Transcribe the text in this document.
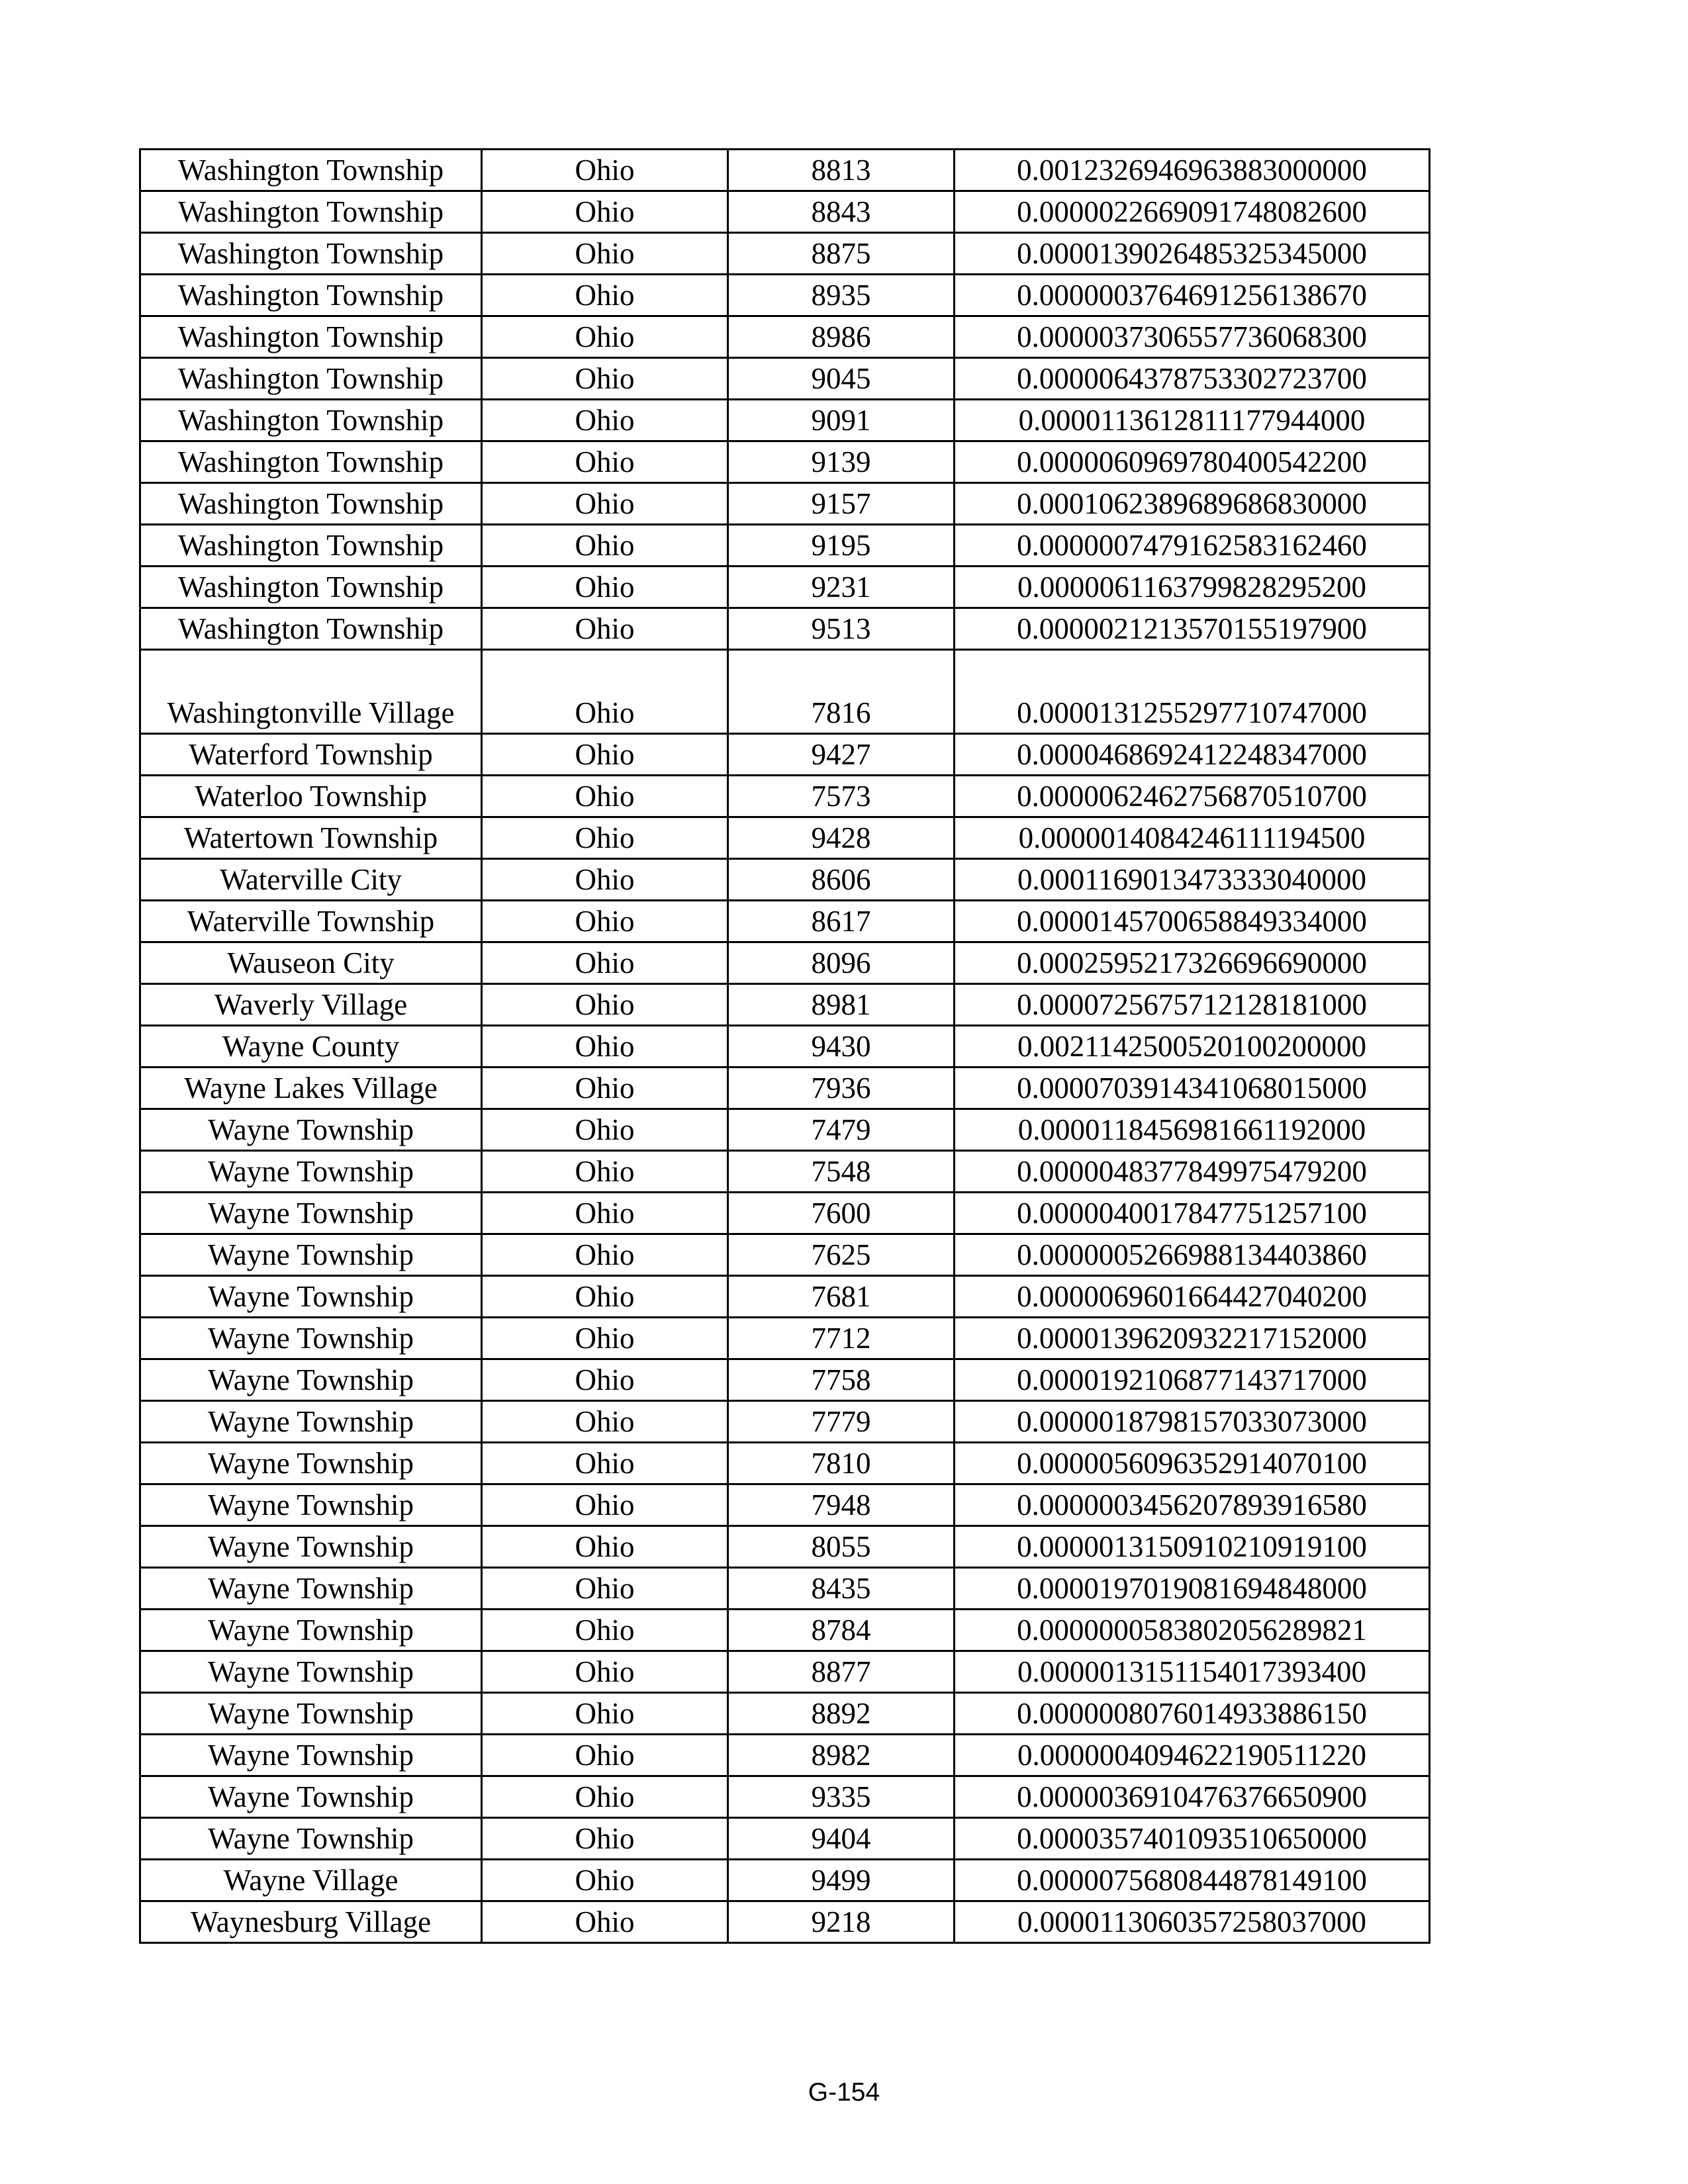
Washington Township	Ohio	8813	0.0012326946963883000000
Washington Township	Ohio	8843	0.0000022669091748082600
Washington Township	Ohio	8875	0.0000139026485325345000
Washington Township	Ohio	8935	0.0000003764691256138670
Washington Township	Ohio	8986	0.0000037306557736068300
Washington Township	Ohio	9045	0.0000064378753302723700
Washington Township	Ohio	9091	0.0000113612811177944000
Washington Township	Ohio	9139	0.0000060969780400542200
Washington Township	Ohio	9157	0.0001062389689686830000
Washington Township	Ohio	9195	0.0000007479162583162460
Washington Township	Ohio	9231	0.0000061163799828295200
Washington Township	Ohio	9513	0.0000021213570155197900
Washingtonville Village	Ohio	7816	0.0000131255297710747000
Waterford Township	Ohio	9427	0.0000468692412248347000
Waterloo Township	Ohio	7573	0.0000062462756870510700
Watertown Township	Ohio	9428	0.0000014084246111194500
Waterville City	Ohio	8606	0.0001169013473333040000
Waterville Township	Ohio	8617	0.0000145700658849334000
Wauseon City	Ohio	8096	0.0002595217326696690000
Waverly Village	Ohio	8981	0.0000725675712128181000
Wayne County	Ohio	9430	0.0021142500520100200000
Wayne Lakes Village	Ohio	7936	0.0000703914341068015000
Wayne Township	Ohio	7479	0.0000118456981661192000
Wayne Township	Ohio	7548	0.0000048377849975479200
Wayne Township	Ohio	7600	0.0000040017847751257100
Wayne Township	Ohio	7625	0.0000005266988134403860
Wayne Township	Ohio	7681	0.0000069601664427040200
Wayne Township	Ohio	7712	0.0000139620932217152000
Wayne Township	Ohio	7758	0.0000192106877143717000
Wayne Township	Ohio	7779	0.0000018798157033073000
Wayne Township	Ohio	7810	0.0000056096352914070100
Wayne Township	Ohio	7948	0.0000003456207893916580
Wayne Township	Ohio	8055	0.0000013150910210919100
Wayne Township	Ohio	8435	0.0000197019081694848000
Wayne Township	Ohio	8784	0.0000000583802056289821
Wayne Township	Ohio	8877	0.0000013151154017393400
Wayne Township	Ohio	8892	0.0000008076014933886150
Wayne Township	Ohio	8982	0.0000004094622190511220
Wayne Township	Ohio	9335	0.0000036910476376650900
Wayne Township	Ohio	9404	0.0000357401093510650000
Wayne Village	Ohio	9499	0.0000075680844878149100
Waynesburg Village	Ohio	9218	0.0000113060357258037000
G-154
